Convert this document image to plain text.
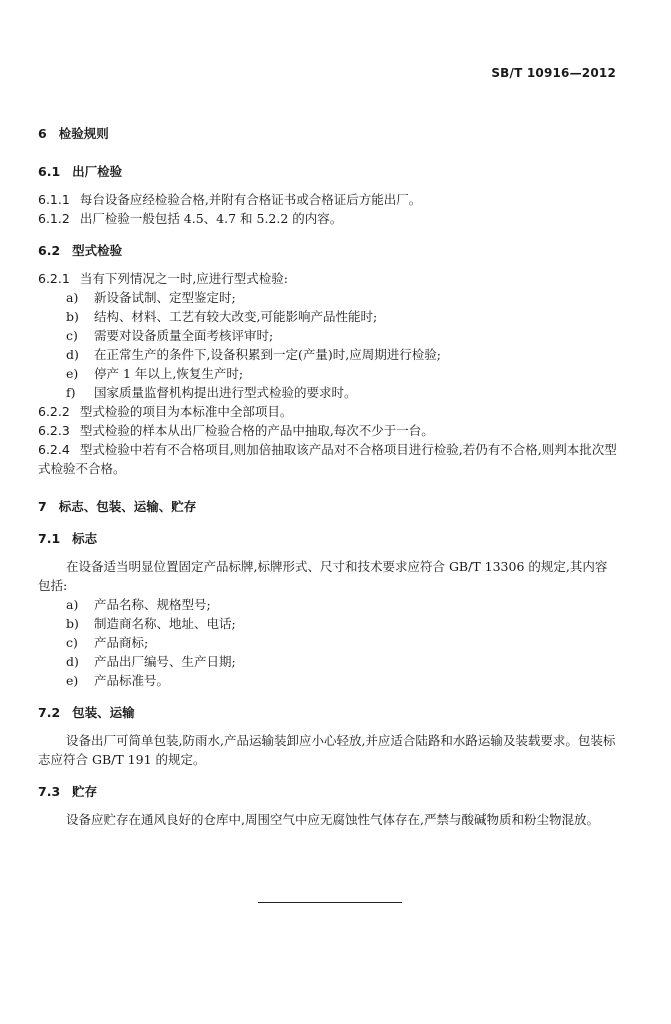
SB/T 10916—2012
6 检验规则
6.1 出厂检验
6.1.1 每台设备应经检验合格,并附有合格证书或合格证后方能出厂。
6.1.2 出厂检验一般包括 4.5、4.7 和 5.2.2 的内容。
6.2 型式检验
6.2.1 当有下列情况之一时,应进行型式检验:
a)	新设备试制、定型鉴定时;
b)	结构、材料、工艺有较大改变,可能影响产品性能时;
c)	需要对设备质量全面考核评审时;
d)	在正常生产的条件下,设备积累到一定(产量)时,应周期进行检验;
e)	停产 1 年以上,恢复生产时;
f)	国家质量监督机构提出进行型式检验的要求时。
6.2.2 型式检验的项目为本标准中全部项目。
6.2.3 型式检验的样本从出厂检验合格的产品中抽取,每次不少于一台。
6.2.4 型式检验中若有不合格项目,则加倍抽取该产品对不合格项目进行检验,若仍有不合格,则判本批次型式检验不合格。
7 标志、包装、运输、贮存
7.1 标志
在设备适当明显位置固定产品标牌,标牌形式、尺寸和技术要求应符合 GB/T 13306 的规定,其内容包括:
a)	产品名称、规格型号;
b)	制造商名称、地址、电话;
c)	产品商标;
d)	产品出厂编号、生产日期;
e)	产品标准号。
7.2 包装、运输
设备出厂可简单包装,防雨水,产品运输装卸应小心轻放,并应适合陆路和水路运输及装载要求。包装标志应符合 GB/T 191 的规定。
7.3 贮存
设备应贮存在通风良好的仓库中,周围空气中应无腐蚀性气体存在,严禁与酸碱物质和粉尘物混放。
